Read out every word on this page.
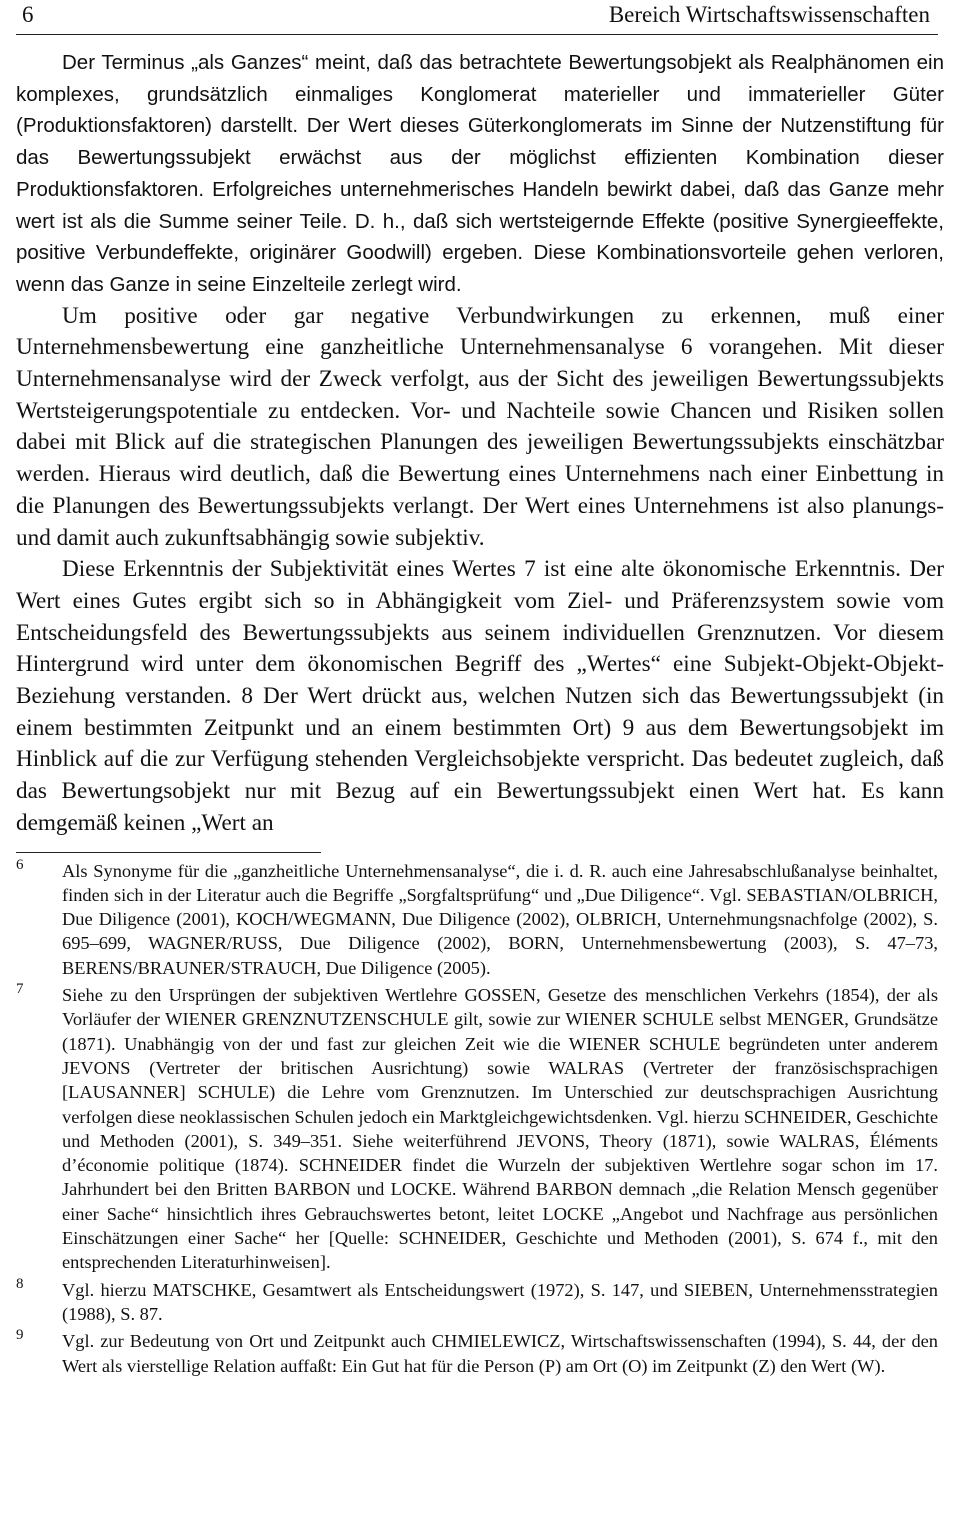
6	Bereich Wirtschaftswissenschaften

Der Terminus „als Ganzes“ meint, daß das betrachtete Bewertungsobjekt als Realphänomen ein komplexes, grundsätzlich einmaliges Konglomerat materieller und immaterieller Güter (Produktionsfaktoren) darstellt. Der Wert dieses Güterkonglomerats im Sinne der Nutzenstiftung für das Bewertungssubjekt erwächst aus der möglichst effizienten Kombination dieser Produktionsfaktoren. Erfolgreiches unternehmerisches Handeln bewirkt dabei, daß das Ganze mehr wert ist als die Summe seiner Teile. D. h., daß sich wertsteigernde Effekte (positive Synergieeffekte, positive Verbundeffekte, originärer Goodwill) ergeben. Diese Kombinationsvorteile gehen verloren, wenn das Ganze in seine Einzelteile zerlegt wird.

Um positive oder gar negative Verbundwirkungen zu erkennen, muß einer Unternehmensbewertung eine ganzheitliche Unternehmensanalyse 6 vorangehen. Mit dieser Unternehmensanalyse wird der Zweck verfolgt, aus der Sicht des jeweiligen Bewertungssubjekts Wertsteigerungspotentiale zu entdecken. Vor- und Nachteile sowie Chancen und Risiken sollen dabei mit Blick auf die strategischen Planungen des jeweiligen Bewertungssubjekts einschätzbar werden. Hieraus wird deutlich, daß die Bewertung eines Unternehmens nach einer Einbettung in die Planungen des Bewertungssubjekts verlangt. Der Wert eines Unternehmens ist also planungs- und damit auch zukunftsabhängig sowie subjektiv.

Diese Erkenntnis der Subjektivität eines Wertes 7 ist eine alte ökonomische Erkenntnis. Der Wert eines Gutes ergibt sich so in Abhängigkeit vom Ziel- und Präferenzsystem sowie vom Entscheidungsfeld des Bewertungssubjekts aus seinem individuellen Grenznutzen. Vor diesem Hintergrund wird unter dem ökonomischen Begriff des „Wertes“ eine Subjekt-Objekt-Objekt-Beziehung verstanden. 8 Der Wert drückt aus, welchen Nutzen sich das Bewertungssubjekt (in einem bestimmten Zeitpunkt und an einem bestimmten Ort) 9 aus dem Bewertungsobjekt im Hinblick auf die zur Verfügung stehenden Vergleichsobjekte verspricht. Das bedeutet zugleich, daß das Bewertungsobjekt nur mit Bezug auf ein Bewertungssubjekt einen Wert hat. Es kann demgemäß keinen „Wert an

6	Als Synonyme für die „ganzheitliche Unternehmensanalyse“, die i. d. R. auch eine Jahresabschlußanalyse beinhaltet, finden sich in der Literatur auch die Begriffe „Sorgfaltsprüfung“ und „Due Diligence“. Vgl. SEBASTIAN/OLBRICH, Due Diligence (2001), KOCH/WEGMANN, Due Diligence (2002), OLBRICH, Unternehmungsnachfolge (2002), S. 695–699, WAGNER/RUSS, Due Diligence (2002), BORN, Unternehmensbewertung (2003), S. 47–73, BERENS/BRAUNER/STRAUCH, Due Diligence (2005).
7	Siehe zu den Ursprüngen der subjektiven Wertlehre GOSSEN, Gesetze des menschlichen Verkehrs (1854), der als Vorläufer der WIENER GRENZNUTZENSCHULE gilt, sowie zur WIENER SCHULE selbst MENGER, Grundsätze (1871). Unabhängig von der und fast zur gleichen Zeit wie die WIENER SCHULE begründeten unter anderem JEVONS (Vertreter der britischen Ausrichtung) sowie WALRAS (Vertreter der französischsprachigen [LAUSANNER] SCHULE) die Lehre vom Grenznutzen. Im Unterschied zur deutschsprachigen Ausrichtung verfolgen diese neoklassischen Schulen jedoch ein Marktgleichgewichtsdenken. Vgl. hierzu SCHNEIDER, Geschichte und Methoden (2001), S. 349–351. Siehe weiterführend JEVONS, Theory (1871), sowie WALRAS, Éléments d’économie politique (1874). SCHNEIDER findet die Wurzeln der subjektiven Wertlehre sogar schon im 17. Jahrhundert bei den Britten BARBON und LOCKE. Während BARBON demnach „die Relation Mensch gegenüber einer Sache“ hinsichtlich ihres Gebrauchswertes betont, leitet LOCKE „Angebot und Nachfrage aus persönlichen Einschätzungen einer Sache“ her [Quelle: SCHNEIDER, Geschichte und Methoden (2001), S. 674 f., mit den entsprechenden Literaturhinweisen].
8	Vgl. hierzu MATSCHKE, Gesamtwert als Entscheidungswert (1972), S. 147, und SIEBEN, Unternehmensstrategien (1988), S. 87.
9	Vgl. zur Bedeutung von Ort und Zeitpunkt auch CHMIELEWICZ, Wirtschaftswissenschaften (1994), S. 44, der den Wert als vierstellige Relation auffaßt: Ein Gut hat für die Person (P) am Ort (O) im Zeitpunkt (Z) den Wert (W).
